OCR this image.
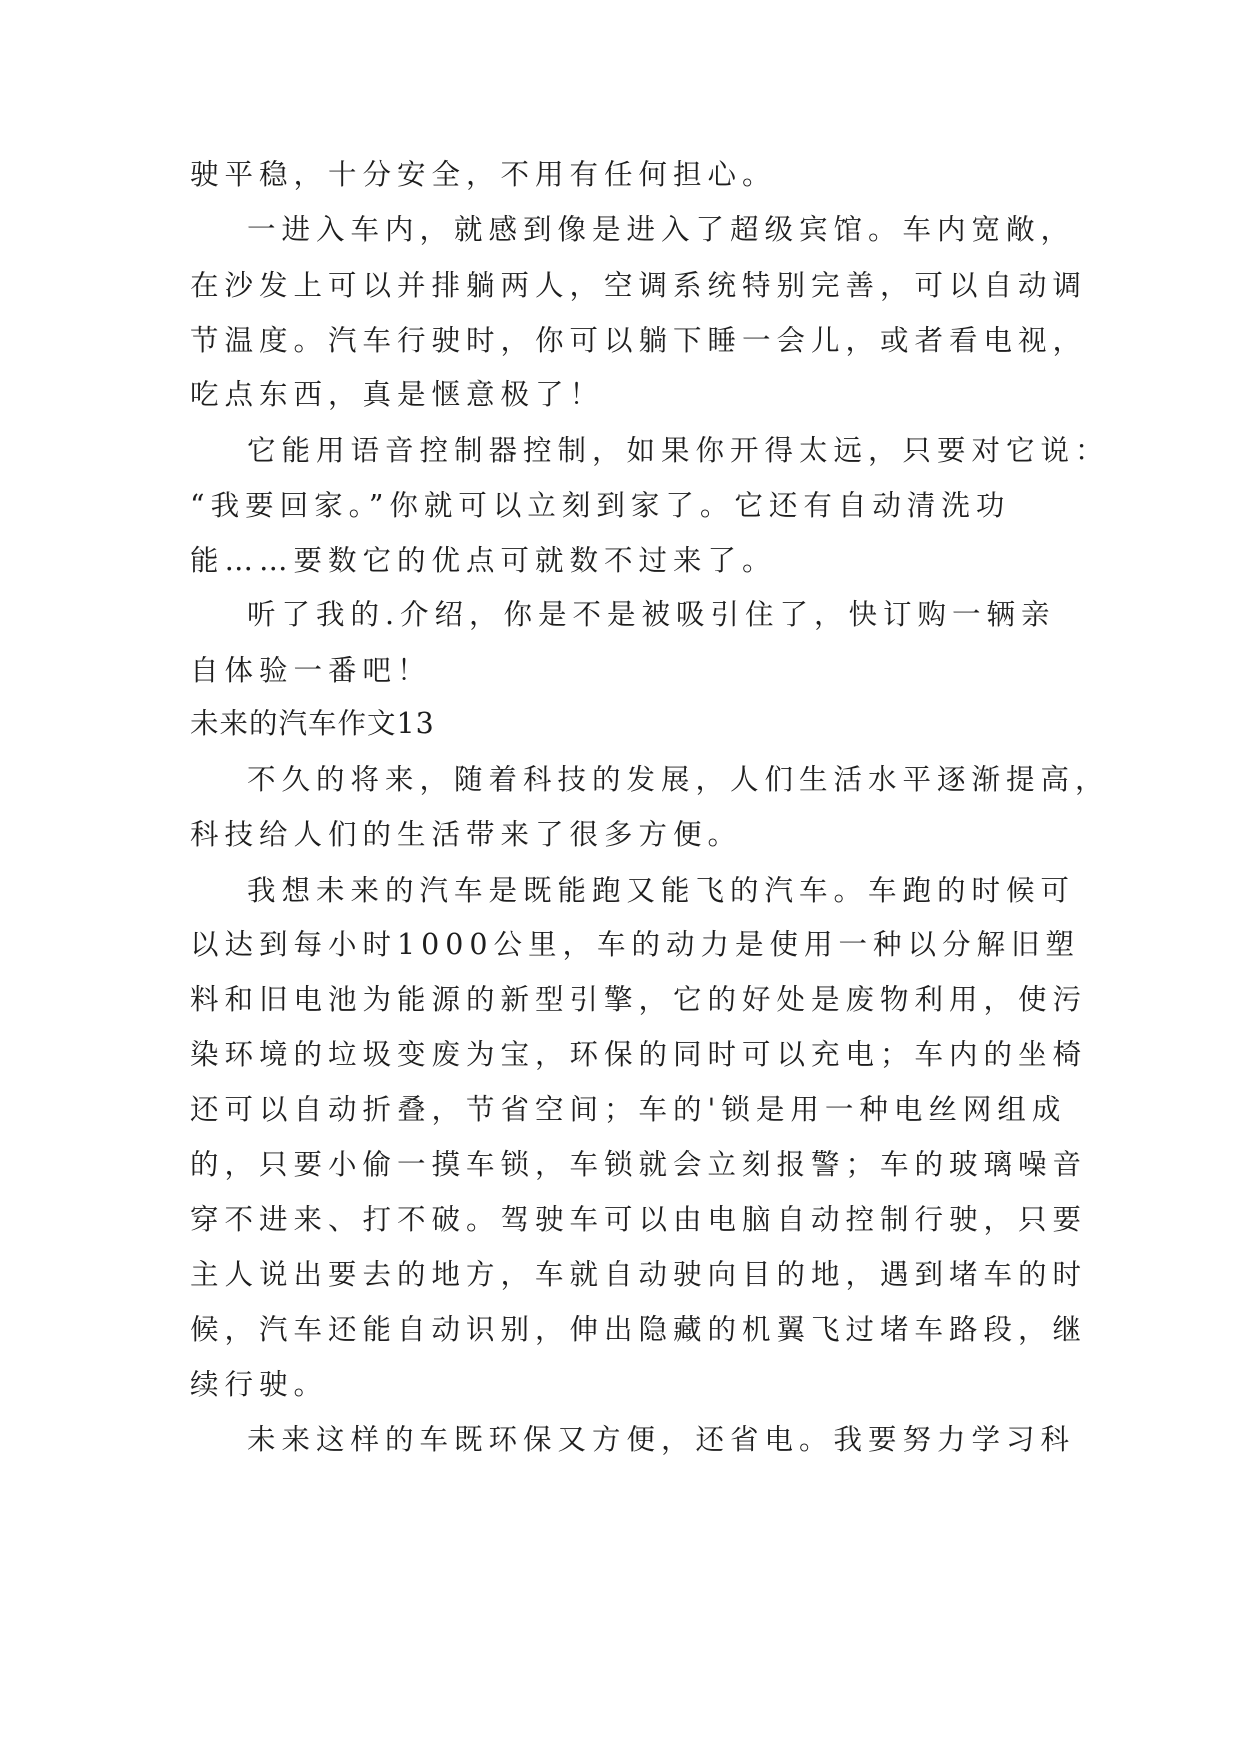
驶平稳，十分安全，不用有任何担心。
一进入车内，就感到像是进入了超级宾馆。车内宽敞，
在沙发上可以并排躺两人，空调系统特别完善，可以自动调
节温度。汽车行驶时，你可以躺下睡一会儿，或者看电视，
吃点东西，真是惬意极了！
它能用语音控制器控制，如果你开得太远，只要对它说：
“我要回家。”你就可以立刻到家了。它还有自动清洗功
能……要数它的优点可就数不过来了。
听了我的.介绍，你是不是被吸引住了，快订购一辆亲
自体验一番吧！
未来的汽车作文13
不久的将来，随着科技的发展，人们生活水平逐渐提高，
科技给人们的生活带来了很多方便。
我想未来的汽车是既能跑又能飞的汽车。车跑的时候可
以达到每小时1000公里，车的动力是使用一种以分解旧塑
料和旧电池为能源的新型引擎，它的好处是废物利用，使污
染环境的垃圾变废为宝，环保的同时可以充电；车内的坐椅
还可以自动折叠，节省空间；车的'锁是用一种电丝网组成
的，只要小偷一摸车锁，车锁就会立刻报警；车的玻璃噪音
穿不进来、打不破。驾驶车可以由电脑自动控制行驶，只要
主人说出要去的地方，车就自动驶向目的地，遇到堵车的时
候，汽车还能自动识别，伸出隐藏的机翼飞过堵车路段，继
续行驶。
未来这样的车既环保又方便，还省电。我要努力学习科
